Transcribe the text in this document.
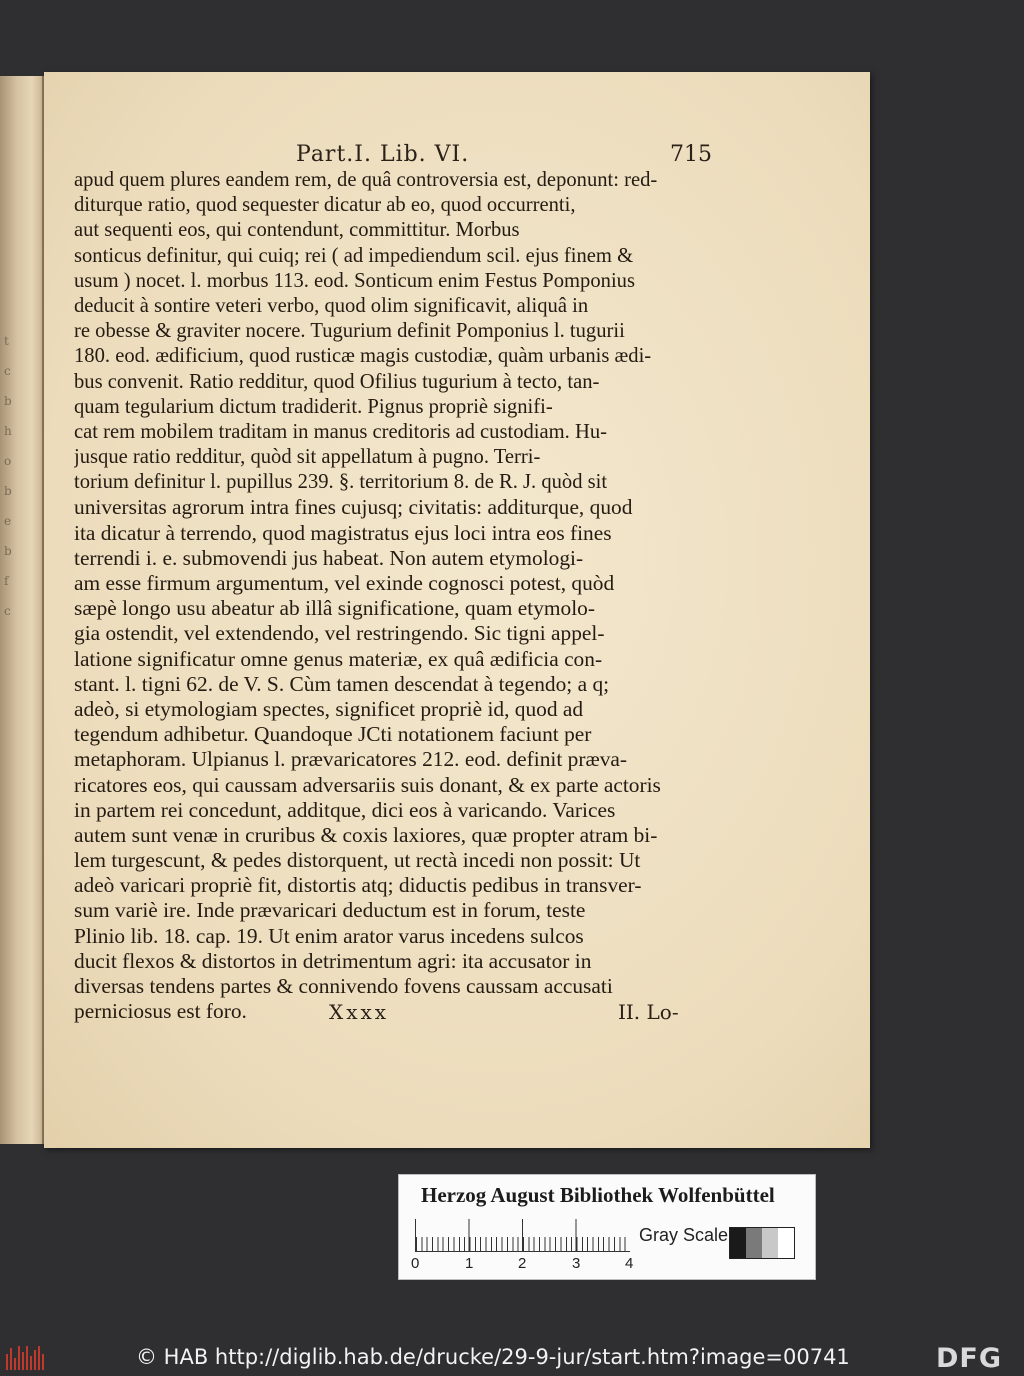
t
c
b
h
o
b
e
b
f
c
Part.I. Lib. VI.	715
apud quem plures eandem rem, de quâ controversia est, deponunt: red-
diturque ratio, quod sequester dicatur ab eo, quod occurrenti,
aut sequenti eos, qui contendunt, committitur. Morbus
sonticus definitur, qui cuiq; rei ( ad impediendum scil. ejus finem &
usum ) nocet. l. morbus 113. eod. Sonticum enim Festus Pomponius
deducit à sontire veteri verbo, quod olim significavit, aliquâ in
re obesse & graviter nocere. Tugurium definit Pomponius l. tugurii
180. eod. ædificium, quod rusticæ magis custodiæ, quàm urbanis ædi-
bus convenit. Ratio redditur, quod Ofilius tugurium à tecto, tan-
quam tegularium dictum tradiderit. Pignus propriè signifi-
cat rem mobilem traditam in manus creditoris ad custodiam. Hu-
jusque ratio redditur, quòd sit appellatum à pugno. Terri-
torium definitur l. pupillus 239. §. territorium 8. de R. J. quòd sit
universitas agrorum intra fines cujusq; civitatis: additurque, quod
ita dicatur à terrendo, quod magistratus ejus loci intra eos fines
terrendi i. e. submovendi jus habeat. Non autem etymologi-
am esse firmum argumentum, vel exinde cognosci potest, quòd
sæpè longo usu abeatur ab illâ significatione, quam etymolo-
gia ostendit, vel extendendo, vel restringendo. Sic tigni appel-
latione significatur omne genus materiæ, ex quâ ædificia con-
stant. l. tigni 62. de V. S. Cùm tamen descendat à tegendo; a q;
adeò, si etymologiam spectes, significet propriè id, quod ad
tegendum adhibetur. Quandoque JCti notationem faciunt per
metaphoram. Ulpianus l. prævaricatores 212. eod. definit præva-
ricatores eos, qui caussam adversariis suis donant, & ex parte actoris
in partem rei concedunt, additque, dici eos à varicando. Varices
autem sunt venæ in cruribus & coxis laxiores, quæ propter atram bi-
lem turgescunt, & pedes distorquent, ut rectà incedi non possit: Ut
adeò varicari propriè fit, distortis atq; diductis pedibus in transver-
sum variè ire. Inde prævaricari deductum est in forum, teste
Plinio lib. 18. cap. 19. Ut enim arator varus incedens sulcos
ducit flexos & distortos in detrimentum agri: ita accusator in
diversas tendens partes & connivendo fovens caussam accusati
perniciosus est foro.	Xxxx	II. Lo-
Herzog August Bibliothek Wolfenbüttel
0	1	2	3	4
Gray Scale
© HAB http://diglib.hab.de/drucke/29-9-jur/start.htm?image=00741	DFG
